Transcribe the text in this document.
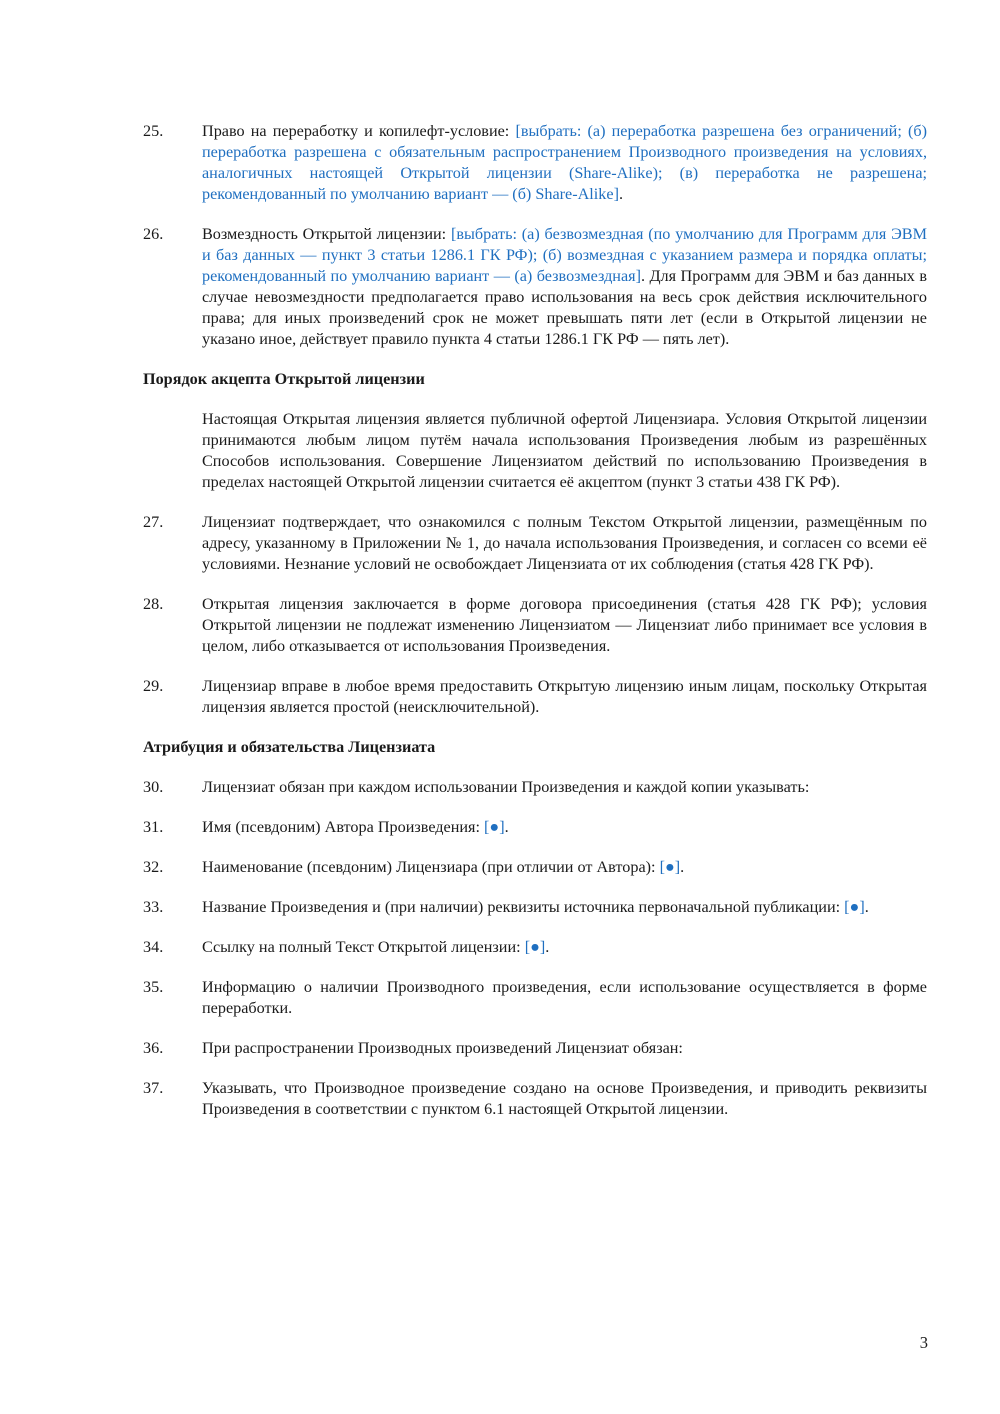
25.	Право на переработку и копилефт-условие: [выбрать: (а) переработка разрешена без ограничений; (б) переработка разрешена с обязательным распространением Производного произведения на условиях, аналогичных настоящей Открытой лицензии (Share-Alike); (в) переработка не разрешена; рекомендованный по умолчанию вариант — (б) Share-Alike].
26.	Возмездность Открытой лицензии: [выбрать: (а) безвозмездная (по умолчанию для Программ для ЭВМ и баз данных — пункт 3 статьи 1286.1 ГК РФ); (б) возмездная с указанием размера и порядка оплаты; рекомендованный по умолчанию вариант — (а) безвозмездная]. Для Программ для ЭВМ и баз данных в случае невозмездности предполагается право использования на весь срок действия исключительного права; для иных произведений срок не может превышать пяти лет (если в Открытой лицензии не указано иное, действует правило пункта 4 статьи 1286.1 ГК РФ — пять лет).
Порядок акцепта Открытой лицензии
Настоящая Открытая лицензия является публичной офертой Лицензиара. Условия Открытой лицензии принимаются любым лицом путём начала использования Произведения любым из разрешённых Способов использования. Совершение Лицензиатом действий по использованию Произведения в пределах настоящей Открытой лицензии считается её акцептом (пункт 3 статьи 438 ГК РФ).
27.	Лицензиат подтверждает, что ознакомился с полным Текстом Открытой лицензии, размещённым по адресу, указанному в Приложении № 1, до начала использования Произведения, и согласен со всеми её условиями. Незнание условий не освобождает Лицензиата от их соблюдения (статья 428 ГК РФ).
28.	Открытая лицензия заключается в форме договора присоединения (статья 428 ГК РФ); условия Открытой лицензии не подлежат изменению Лицензиатом — Лицензиат либо принимает все условия в целом, либо отказывается от использования Произведения.
29.	Лицензиар вправе в любое время предоставить Открытую лицензию иным лицам, поскольку Открытая лицензия является простой (неисключительной).
Атрибуция и обязательства Лицензиата
30.	Лицензиат обязан при каждом использовании Произведения и каждой копии указывать:
31.	Имя (псевдоним) Автора Произведения: [●].
32.	Наименование (псевдоним) Лицензиара (при отличии от Автора): [●].
33.	Название Произведения и (при наличии) реквизиты источника первоначальной публикации: [●].
34.	Ссылку на полный Текст Открытой лицензии: [●].
35.	Информацию о наличии Производного произведения, если использование осуществляется в форме переработки.
36.	При распространении Производных произведений Лицензиат обязан:
37.	Указывать, что Производное произведение создано на основе Произведения, и приводить реквизиты Произведения в соответствии с пунктом 6.1 настоящей Открытой лицензии.
3
